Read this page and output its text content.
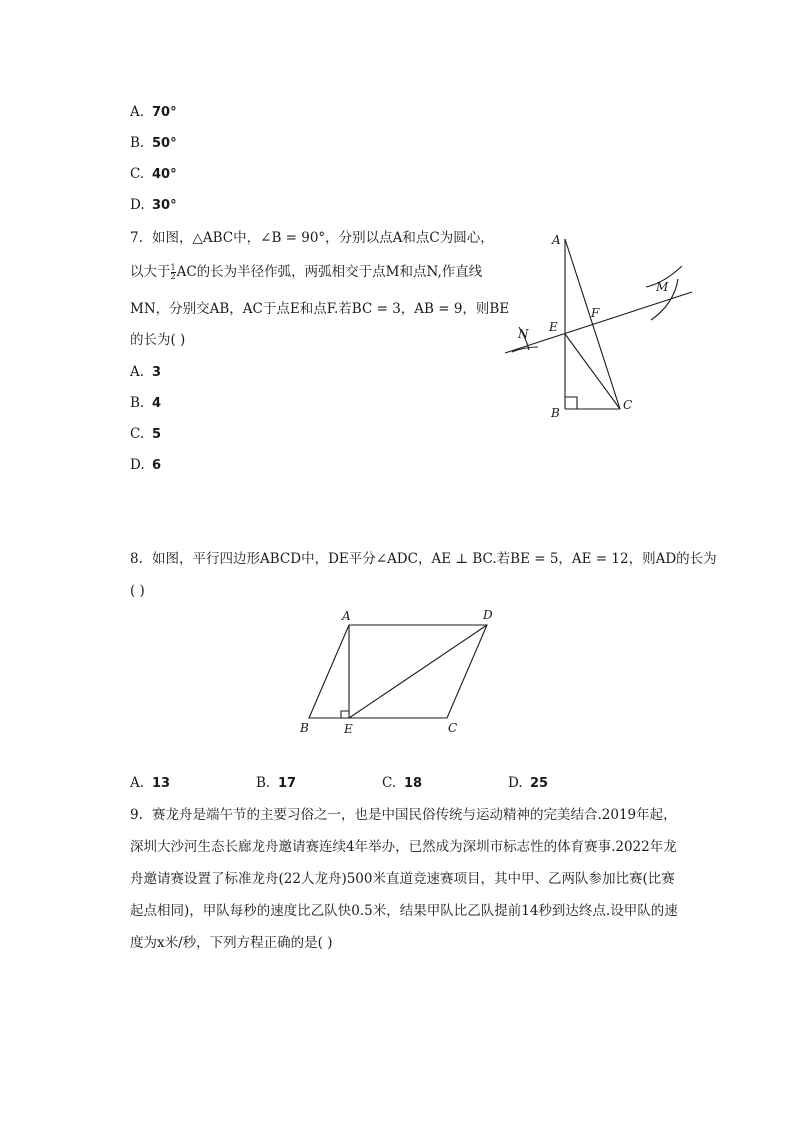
A. 70°
B. 50°
C. 40°
D. 30°
7. 如图，△ABC中，∠B = 90°，分别以点A和点C为圆心，
以大于 $\frac{1}{2}$ AC的长为半径作弧，两弧相交于点M和点N,作直线
MN，分别交AB，AC于点E和点F.若BC = 3，AB = 9，则BE
的长为( )
A. 3
B. 4
C. 5
D. 6
A
B
C
E
F
M
N
8. 如图，平行四边形ABCD中，DE平分∠ADC，AE ⊥ BC.若BE = 5，AE = 12，则AD的长为
( )
A	D
B	E	C
A. 13	B. 17	C. 18	D. 25
9. 赛龙舟是端午节的主要习俗之一，也是中国民俗传统与运动精神的完美结合.2019年起，
深圳大沙河生态长廊龙舟邀请赛连续4年举办，已然成为深圳市标志性的体育赛事.2022年龙
舟邀请赛设置了标准龙舟(22人龙舟)500米直道竞速赛项目，其中甲、乙两队参加比赛(比赛
起点相同)，甲队每秒的速度比乙队快0.5米，结果甲队比乙队提前14秒到达终点.设甲队的速
度为x米/秒，下列方程正确的是( )
